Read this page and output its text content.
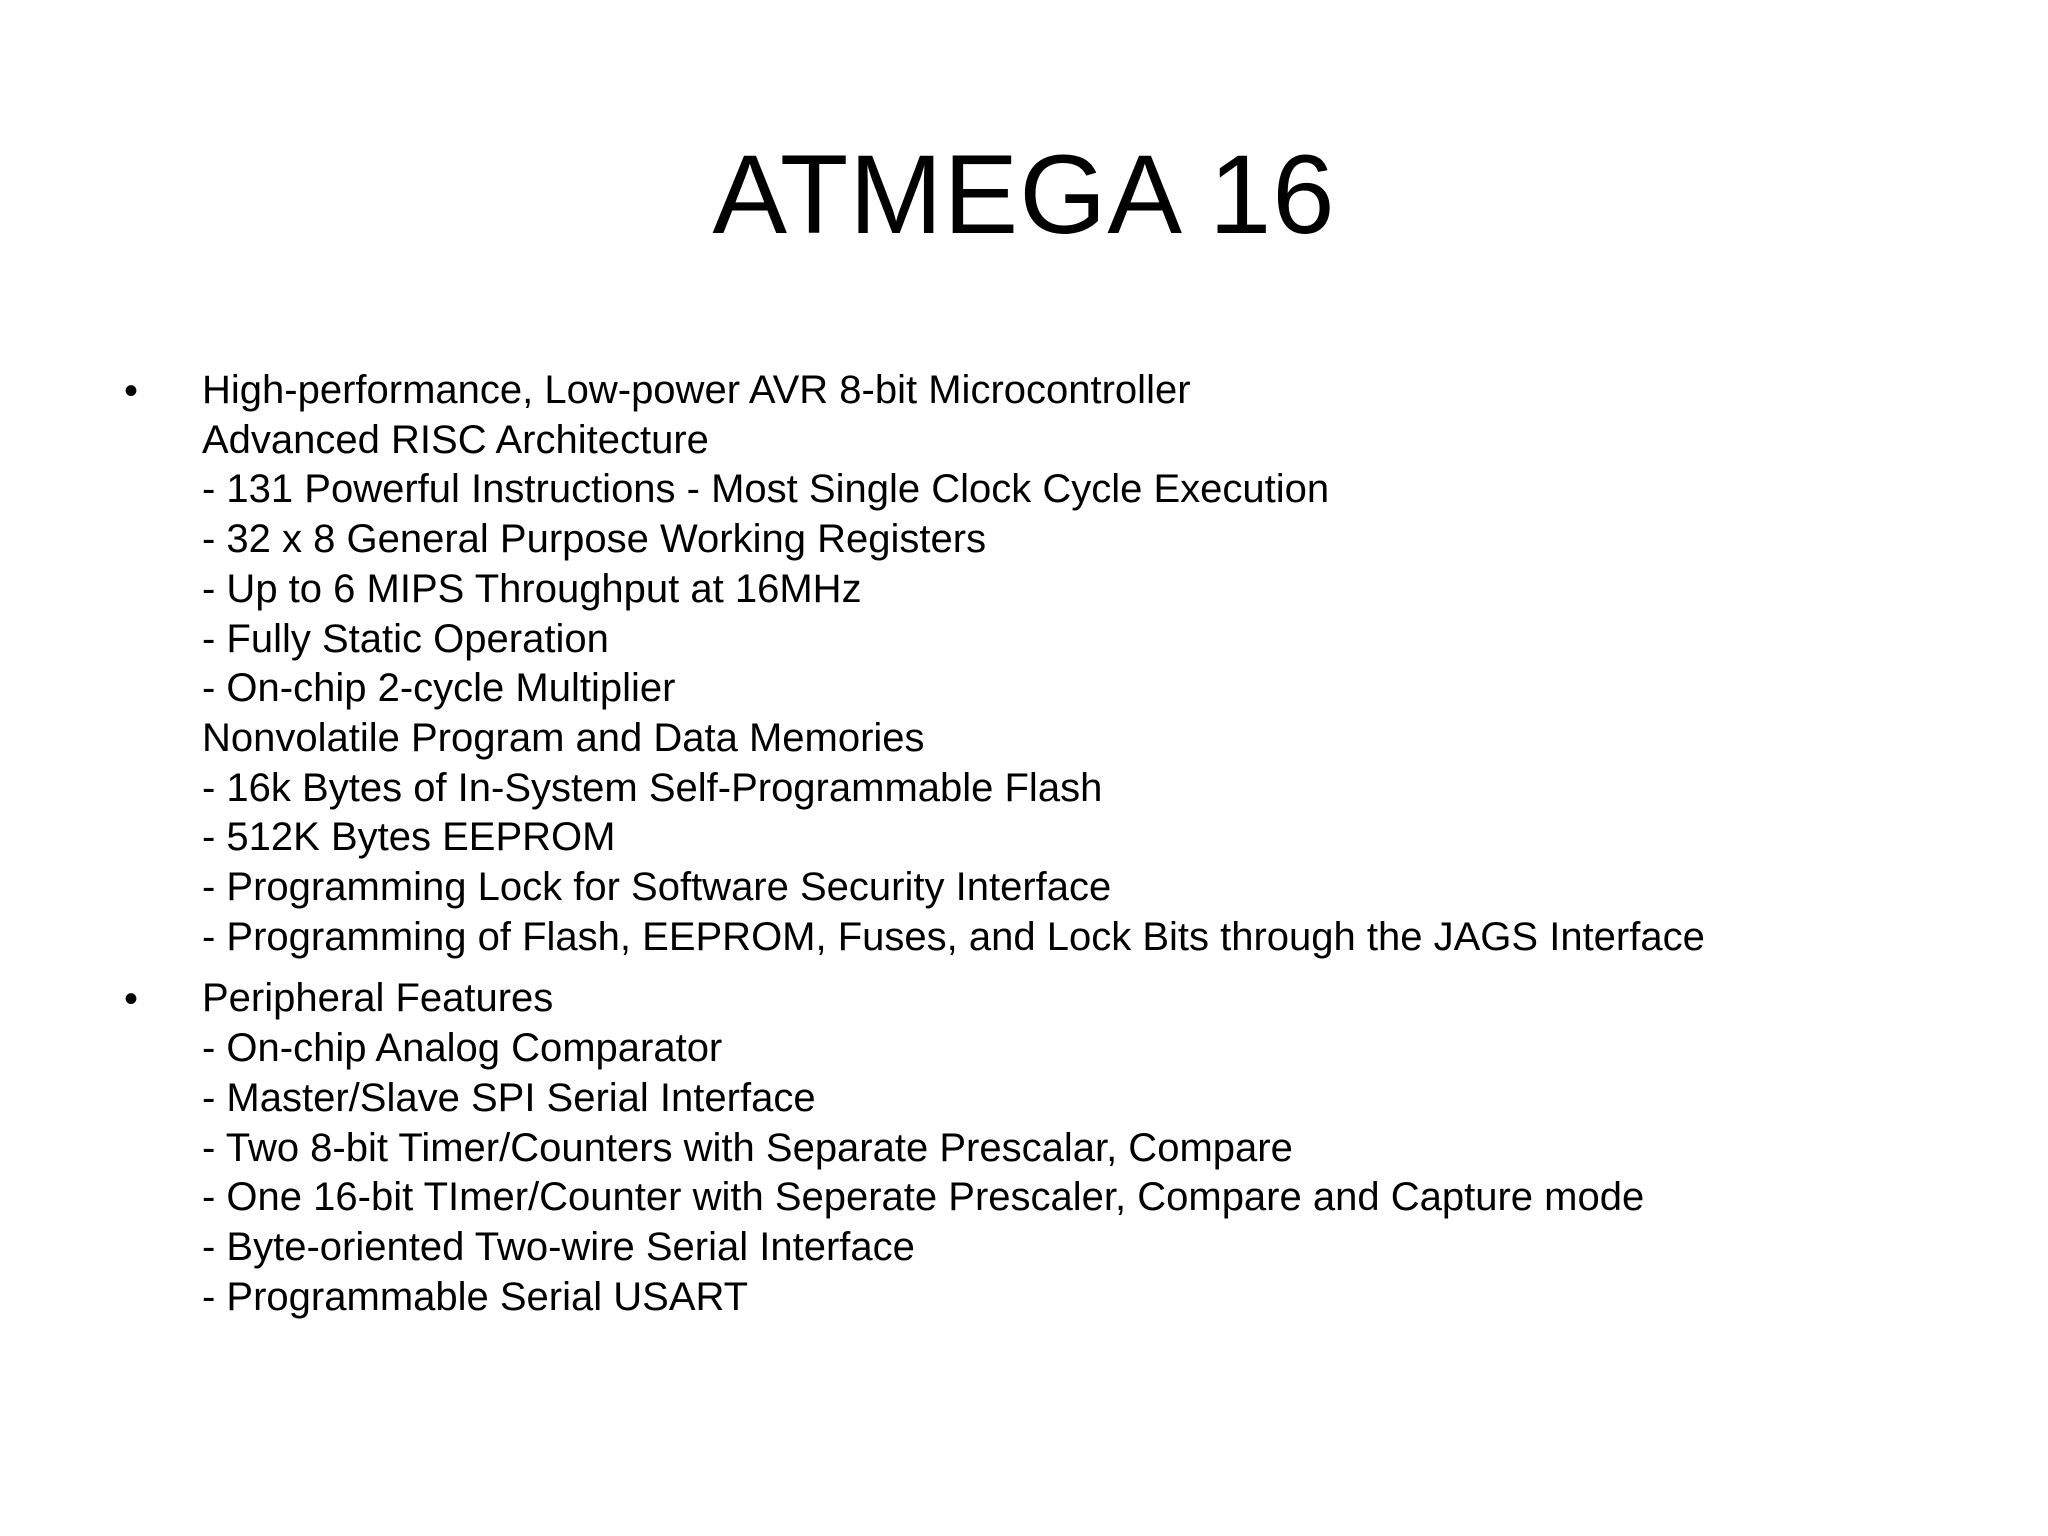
ATMEGA 16
• High-performance, Low-power AVR 8-bit Microcontroller
Advanced RISC Architecture
- 131 Powerful Instructions - Most Single Clock Cycle Execution
- 32 x 8 General Purpose Working Registers
- Up to 6 MIPS Throughput at 16MHz
- Fully Static Operation
- On-chip 2-cycle Multiplier
Nonvolatile Program and Data Memories
- 16k Bytes of In-System Self-Programmable Flash
- 512K Bytes EEPROM
- Programming Lock for Software Security Interface
- Programming of Flash, EEPROM, Fuses, and Lock Bits through the JAGS Interface
• Peripheral Features
- On-chip Analog Comparator
- Master/Slave SPI Serial Interface
- Two 8-bit Timer/Counters with Separate Prescalar, Compare
- One 16-bit TImer/Counter with Seperate Prescaler, Compare and Capture mode
- Byte-oriented Two-wire Serial Interface
- Programmable Serial USART
